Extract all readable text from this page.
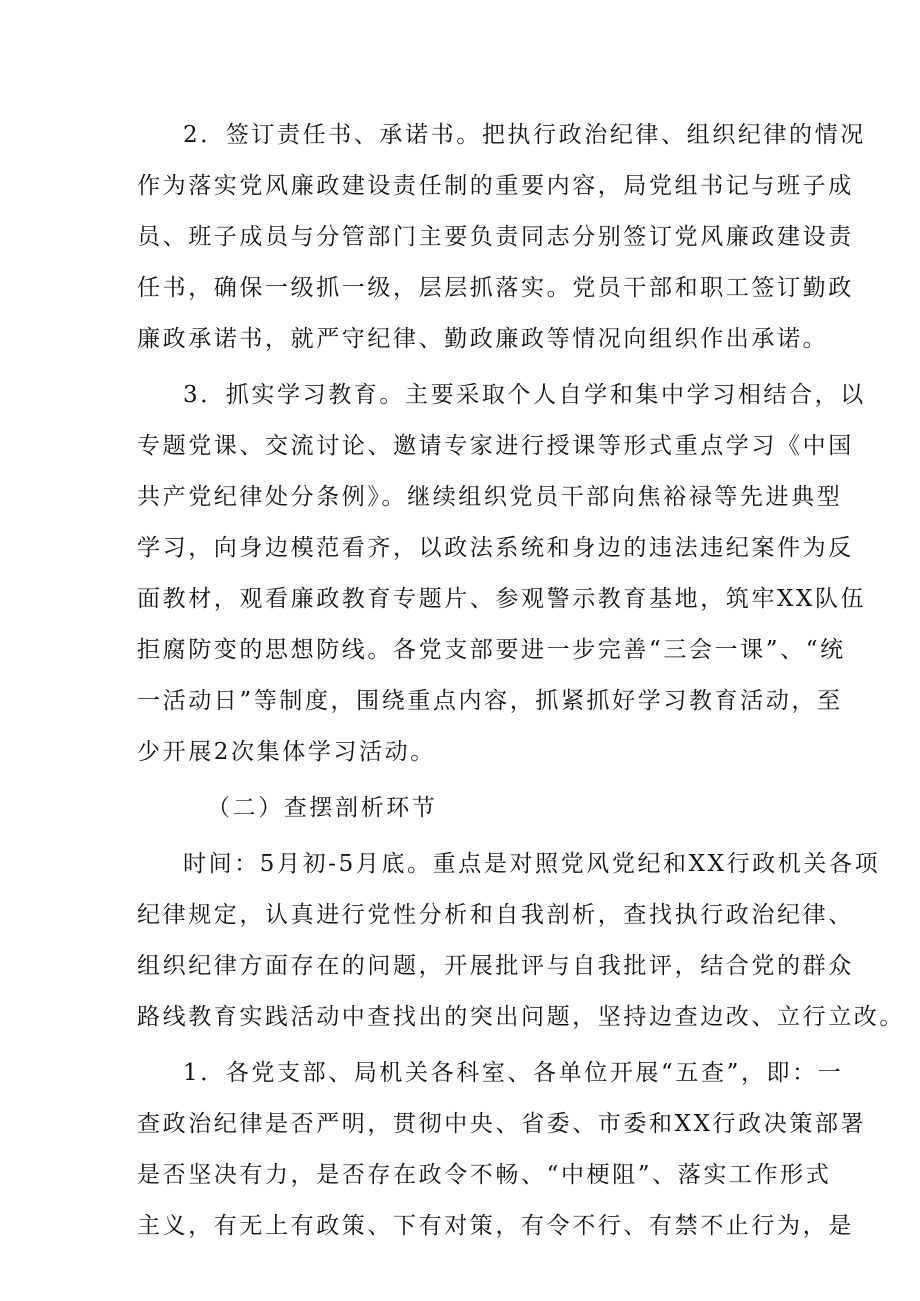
2．签订责任书、承诺书。把执行政治纪律、组织纪律的情况
作为落实党风廉政建设责任制的重要内容，局党组书记与班子成
员、班子成员与分管部门主要负责同志分别签订党风廉政建设责
任书，确保一级抓一级，层层抓落实。党员干部和职工签订勤政
廉政承诺书，就严守纪律、勤政廉政等情况向组织作出承诺。
3．抓实学习教育。主要采取个人自学和集中学习相结合，以
专题党课、交流讨论、邀请专家进行授课等形式重点学习《中国
共产党纪律处分条例》。继续组织党员干部向焦裕禄等先进典型
学习，向身边模范看齐，以政法系统和身边的违法违纪案件为反
面教材，观看廉政教育专题片、参观警示教育基地，筑牢XX队伍
拒腐防变的思想防线。各党支部要进一步完善“三会一课”、“统
一活动日”等制度，围绕重点内容，抓紧抓好学习教育活动，至
少开展2次集体学习活动。
（二）查摆剖析环节
时间：5月初-5月底。重点是对照党风党纪和XX行政机关各项
纪律规定，认真进行党性分析和自我剖析，查找执行政治纪律、
组织纪律方面存在的问题，开展批评与自我批评，结合党的群众
路线教育实践活动中查找出的突出问题，坚持边查边改、立行立改。
1．各党支部、局机关各科室、各单位开展“五查”，即：一
查政治纪律是否严明，贯彻中央、省委、市委和XX行政决策部署
是否坚决有力，是否存在政令不畅、“中梗阻”、落实工作形式
主义，有无上有政策、下有对策，有令不行、有禁不止行为，是
